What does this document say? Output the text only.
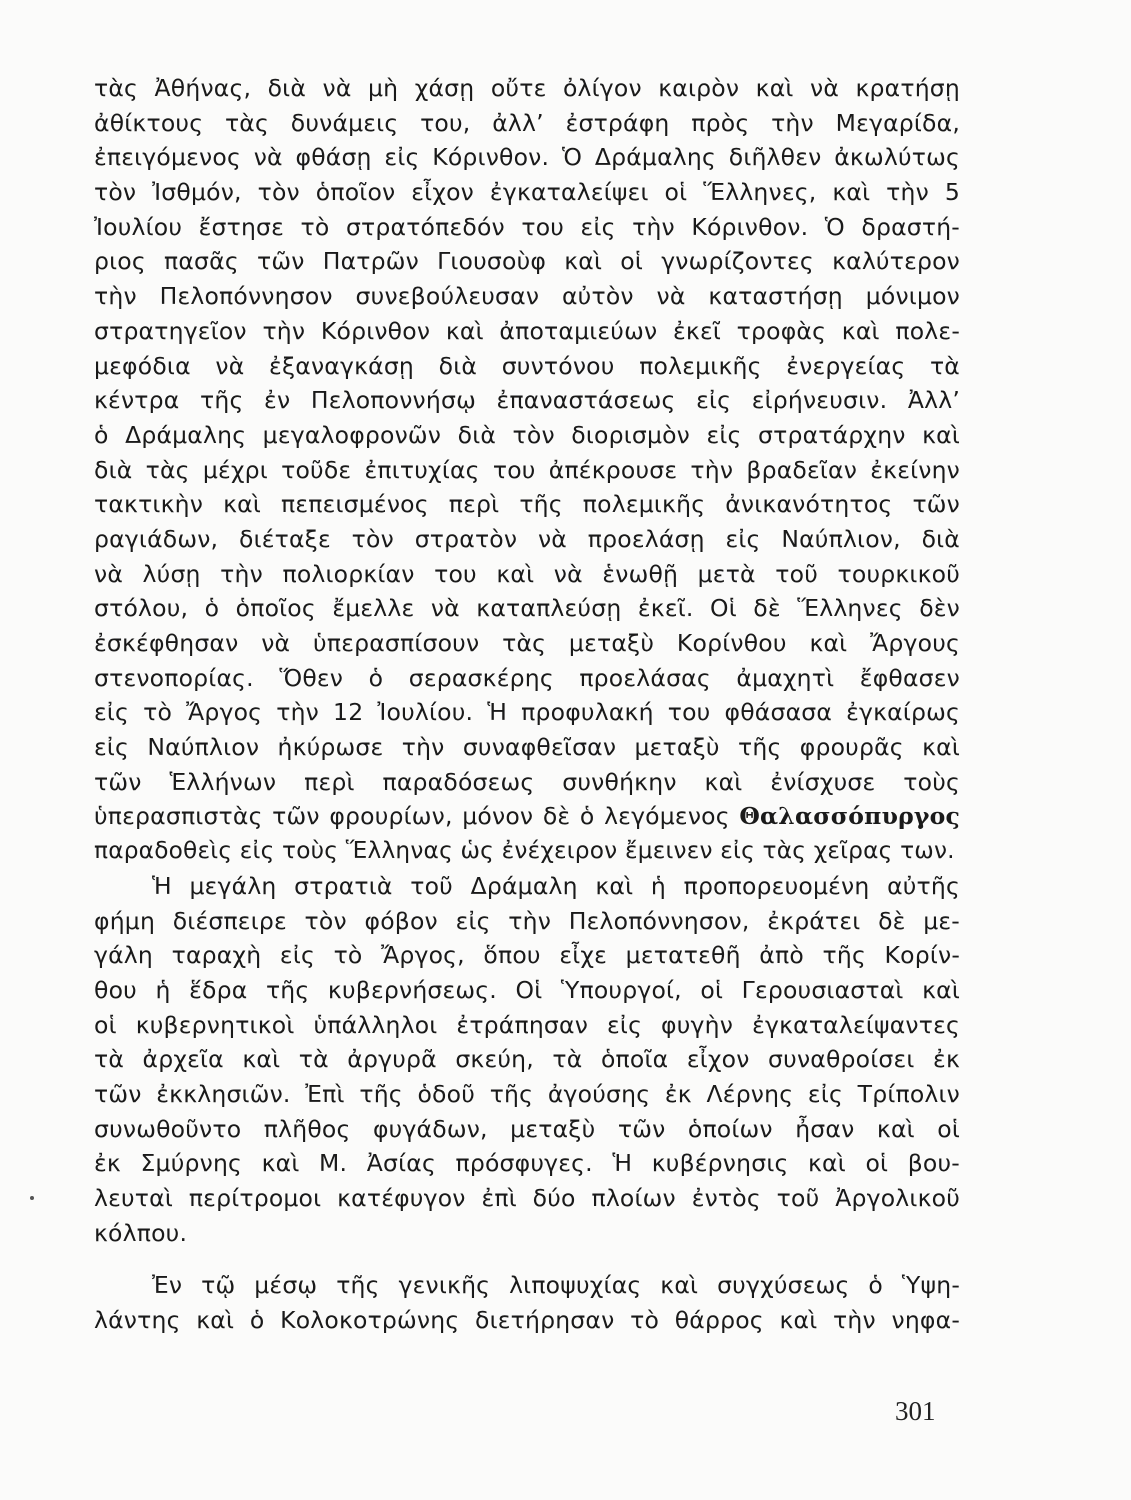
τὰς Ἀθήνας, διὰ νὰ μὴ χάσῃ οὔτε ὀλίγον καιρὸν καὶ νὰ κρατήσῃ
ἀθίκτους τὰς δυνάμεις του, ἀλλ’ ἐστράφη πρὸς τὴν Μεγαρίδα,
ἐπειγόμενος νὰ φθάσῃ εἰς Κόρινθον. Ὁ Δράμαλης διῆλθεν ἀκωλύτως
τὸν Ἰσθμόν, τὸν ὁποῖον εἶχον ἐγκαταλείψει οἱ Ἕλληνες, καὶ τὴν 5
Ἰουλίου ἔστησε τὸ στρατόπεδόν του εἰς τὴν Κόρινθον. Ὁ δραστή-
ριος πασᾶς τῶν Πατρῶν Γιουσοὺφ καὶ οἱ γνωρίζοντες καλύτερον
τὴν Πελοπόννησον συνεβούλευσαν αὐτὸν νὰ καταστήσῃ μόνιμον
στρατηγεῖον τὴν Κόρινθον καὶ ἀποταμιεύων ἐκεῖ τροφὰς καὶ πολε-
μεφόδια νὰ ἐξαναγκάσῃ διὰ συντόνου πολεμικῆς ἐνεργείας τὰ
κέντρα τῆς ἐν Πελοποννήσῳ ἐπαναστάσεως εἰς εἰρήνευσιν. Ἀλλ’
ὁ Δράμαλης μεγαλοφρονῶν διὰ τὸν διορισμὸν εἰς στρατάρχην καὶ
διὰ τὰς μέχρι τοῦδε ἐπιτυχίας του ἀπέκρουσε τὴν βραδεῖαν ἐκείνην
τακτικὴν καὶ πεπεισμένος περὶ τῆς πολεμικῆς ἀνικανότητος τῶν
ραγιάδων, διέταξε τὸν στρατὸν νὰ προελάσῃ εἰς Ναύπλιον, διὰ
νὰ λύσῃ τὴν πολιορκίαν του καὶ νὰ ἑνωθῇ μετὰ τοῦ τουρκικοῦ
στόλου, ὁ ὁποῖος ἔμελλε νὰ καταπλεύσῃ ἐκεῖ. Οἱ δὲ Ἕλληνες δὲν
ἐσκέφθησαν νὰ ὑπερασπίσουν τὰς μεταξὺ Κορίνθου καὶ Ἄργους
στενοπορίας. Ὅθεν ὁ σερασκέρης προελάσας ἀμαχητὶ ἔφθασεν
εἰς τὸ Ἄργος τὴν 12 Ἰουλίου. Ἡ προφυλακή του φθάσασα ἐγκαίρως
εἰς Ναύπλιον ἠκύρωσε τὴν συναφθεῖσαν μεταξὺ τῆς φρουρᾶς καὶ
τῶν Ἑλλήνων περὶ παραδόσεως συνθήκην καὶ ἐνίσχυσε τοὺς
ὑπερασπιστὰς τῶν φρουρίων, μόνον δὲ ὁ λεγόμενος Θαλασσόπυργος
παραδοθεὶς εἰς τοὺς Ἕλληνας ὡς ἐνέχειρον ἔμεινεν εἰς τὰς χεῖρας των.
Ἡ μεγάλη στρατιὰ τοῦ Δράμαλη καὶ ἡ προπορευομένη αὐτῆς
φήμη διέσπειρε τὸν φόβον εἰς τὴν Πελοπόννησον, ἐκράτει δὲ με-
γάλη ταραχὴ εἰς τὸ Ἄργος, ὅπου εἶχε μετατεθῆ ἀπὸ τῆς Κορίν-
θου ἡ ἕδρα τῆς κυβερνήσεως. Οἱ Ὑπουργοί, οἱ Γερουσιασταὶ καὶ
οἱ κυβερνητικοὶ ὑπάλληλοι ἐτράπησαν εἰς φυγὴν ἐγκαταλείψαντες
τὰ ἀρχεῖα καὶ τὰ ἀργυρᾶ σκεύη, τὰ ὁποῖα εἶχον συναθροίσει ἐκ
τῶν ἐκκλησιῶν. Ἐπὶ τῆς ὁδοῦ τῆς ἀγούσης ἐκ Λέρνης εἰς Τρίπολιν
συνωθοῦντο πλῆθος φυγάδων, μεταξὺ τῶν ὁποίων ἦσαν καὶ οἱ
ἐκ Σμύρνης καὶ Μ. Ἀσίας πρόσφυγες. Ἡ κυβέρνησις καὶ οἱ βου-
λευταὶ περίτρομοι κατέφυγον ἐπὶ δύο πλοίων ἐντὸς τοῦ Ἀργολικοῦ
κόλπου.
Ἐν τῷ μέσῳ τῆς γενικῆς λιποψυχίας καὶ συγχύσεως ὁ Ὑψη-
λάντης καὶ ὁ Κολοκοτρώνης διετήρησαν τὸ θάρρος καὶ τὴν νηφα-
301
